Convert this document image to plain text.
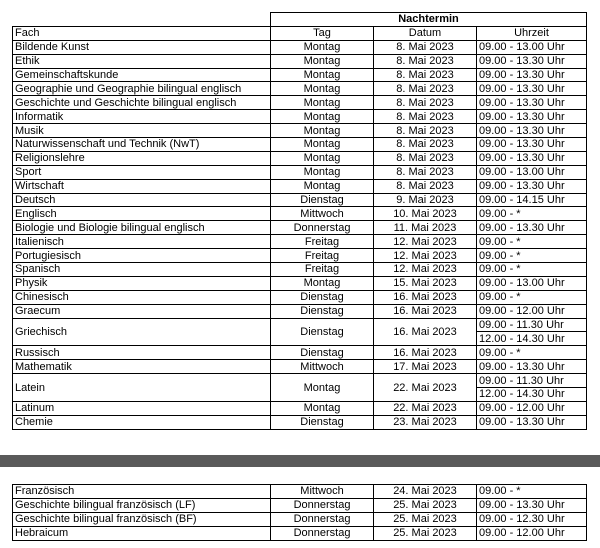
	Nachtermin		
Fach	Tag	Datum	Uhrzeit
Bildende Kunst	Montag	8. Mai 2023	09.00 - 13.00 Uhr
Ethik	Montag	8. Mai 2023	09.00 - 13.30 Uhr
Gemeinschaftskunde	Montag	8. Mai 2023	09.00 - 13.30 Uhr
Geographie und Geographie bilingual englisch	Montag	8. Mai 2023	09.00 - 13.30 Uhr
Geschichte und Geschichte bilingual englisch	Montag	8. Mai 2023	09.00 - 13.30 Uhr
Informatik	Montag	8. Mai 2023	09.00 - 13.30 Uhr
Musik	Montag	8. Mai 2023	09.00 - 13.30 Uhr
Naturwissenschaft und Technik (NwT)	Montag	8. Mai 2023	09.00 - 13.30 Uhr
Religionslehre	Montag	8. Mai 2023	09.00 - 13.30 Uhr
Sport	Montag	8. Mai 2023	09.00 - 13.00 Uhr
Wirtschaft	Montag	8. Mai 2023	09.00 - 13.30 Uhr
Deutsch	Dienstag	9. Mai 2023	09.00 - 14.15 Uhr
Englisch	Mittwoch	10. Mai 2023	09.00 - *
Biologie und Biologie bilingual englisch	Donnerstag	11. Mai 2023	09.00 - 13.30 Uhr
Italienisch	Freitag	12. Mai 2023	09.00 - *
Portugiesisch	Freitag	12. Mai 2023	09.00 - *
Spanisch	Freitag	12. Mai 2023	09.00 - *
Physik	Montag	15. Mai 2023	09.00 - 13.00 Uhr
Chinesisch	Dienstag	16. Mai 2023	09.00 - *
Graecum	Dienstag	16. Mai 2023	09.00 - 12.00 Uhr
Griechisch	Dienstag	16. Mai 2023	09.00 - 11.30 Uhr
			12.00 - 14.30 Uhr
Russisch	Dienstag	16. Mai 2023	09.00 - *
Mathematik	Mittwoch	17. Mai 2023	09.00 - 13.30 Uhr
Latein	Montag	22. Mai 2023	09.00 - 11.30 Uhr
			12.00 - 14.30 Uhr
Latinum	Montag	22. Mai 2023	09.00 - 12.00 Uhr
Chemie	Dienstag	23. Mai 2023	09.00 - 13.30 Uhr
Französisch	Mittwoch	24. Mai 2023	09.00 - *
Geschichte bilingual französisch (LF)	Donnerstag	25. Mai 2023	09.00 - 13.30 Uhr
Geschichte bilingual französisch (BF)	Donnerstag	25. Mai 2023	09.00 - 12.30 Uhr
Hebraicum	Donnerstag	25. Mai 2023	09.00 - 12.00 Uhr
